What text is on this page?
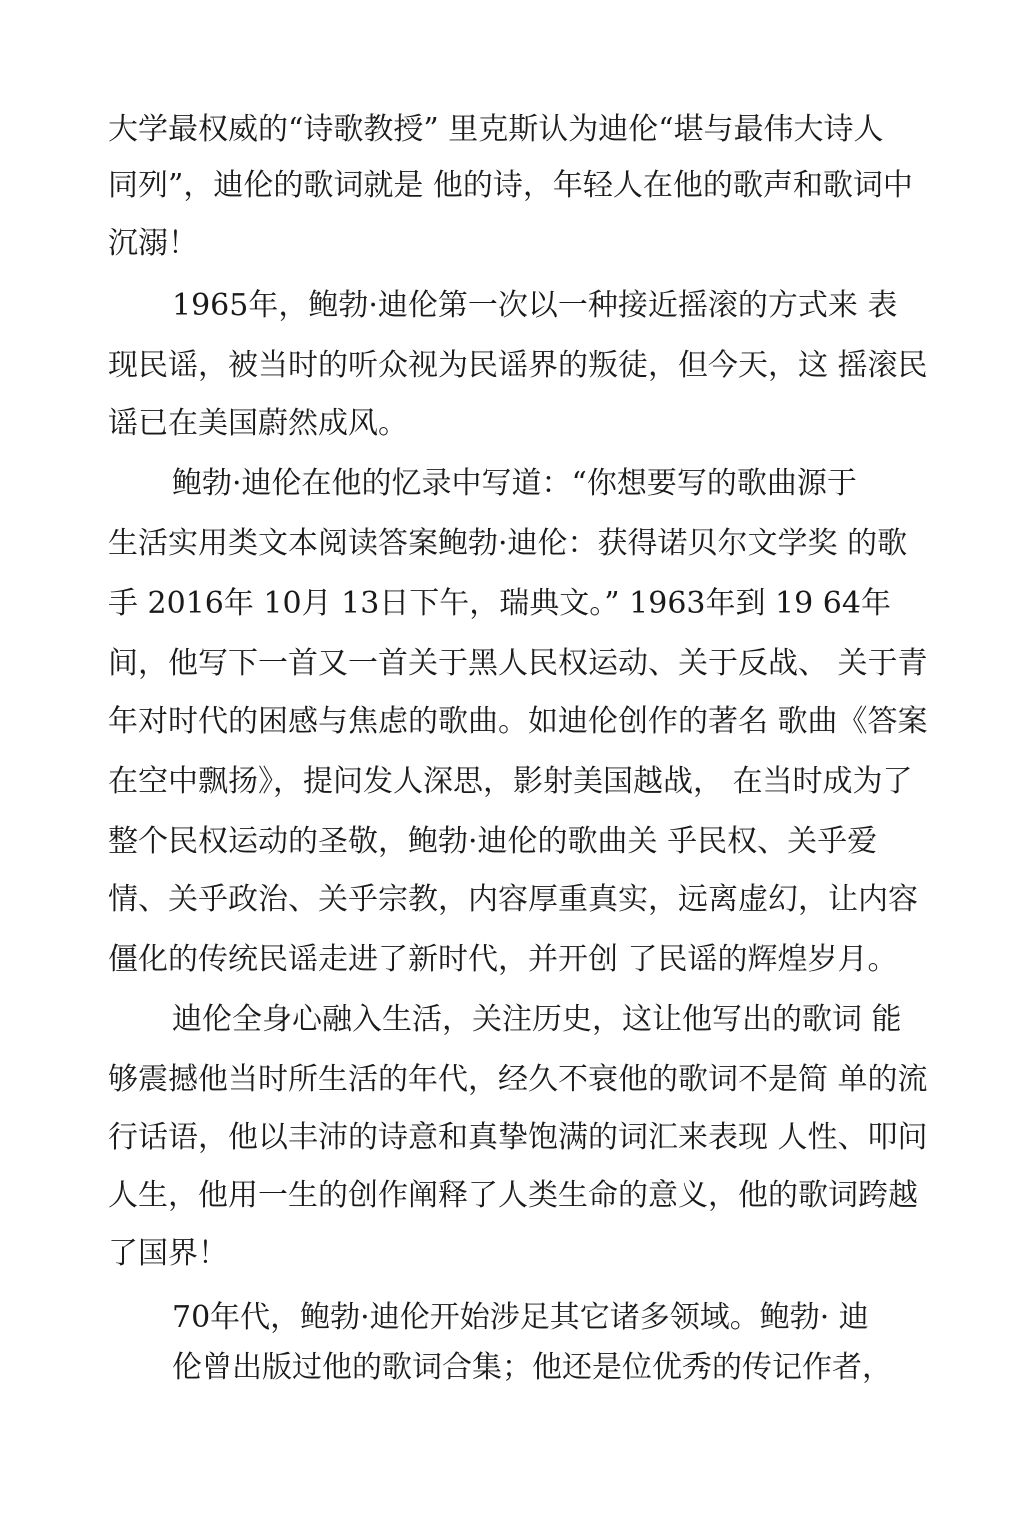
大学最权威的“诗歌教授” 里克斯认为迪伦“堪与最伟大诗人
同列”，迪伦的歌词就是 他的诗，年轻人在他的歌声和歌词中
沉溺！
1965年，鲍勃·迪伦第一次以一种接近摇滚的方式来 表
现民谣，被当时的听众视为民谣界的叛徒，但今天，这 摇滚民
谣已在美国蔚然成风。
鲍勃·迪伦在他的忆录中写道：“你想要写的歌曲源于
生活实用类文本阅读答案鲍勃·迪伦：获得诺贝尔文学奖 的歌
手 2016年 10月 13日下午，瑞典文。” 1963年到 19 64年
间，他写下一首又一首关于黑人民权运动、关于反战、 关于青
年对时代的困感与焦虑的歌曲。如迪伦创作的著名 歌曲《答案
在空中飘扬》，提问发人深思，影射美国越战， 在当时成为了
整个民权运动的圣敬，鲍勃·迪伦的歌曲关 乎民权、关乎爱
情、关乎政治、关乎宗教，内容厚重真实，远离虚幻，让内容
僵化的传统民谣走进了新时代，并开创 了民谣的辉煌岁月。
迪伦全身心融入生活，关注历史，这让他写出的歌词 能
够震撼他当时所生活的年代，经久不衰他的歌词不是简 单的流
行话语，他以丰沛的诗意和真挚饱满的词汇来表现 人性、叩问
人生，他用一生的创作阐释了人类生命的意义，他的歌词跨越
了国界！
70年代，鲍勃·迪伦开始涉足其它诸多领域。鲍勃· 迪
伦曾出版过他的歌词合集；他还是位优秀的传记作者，
